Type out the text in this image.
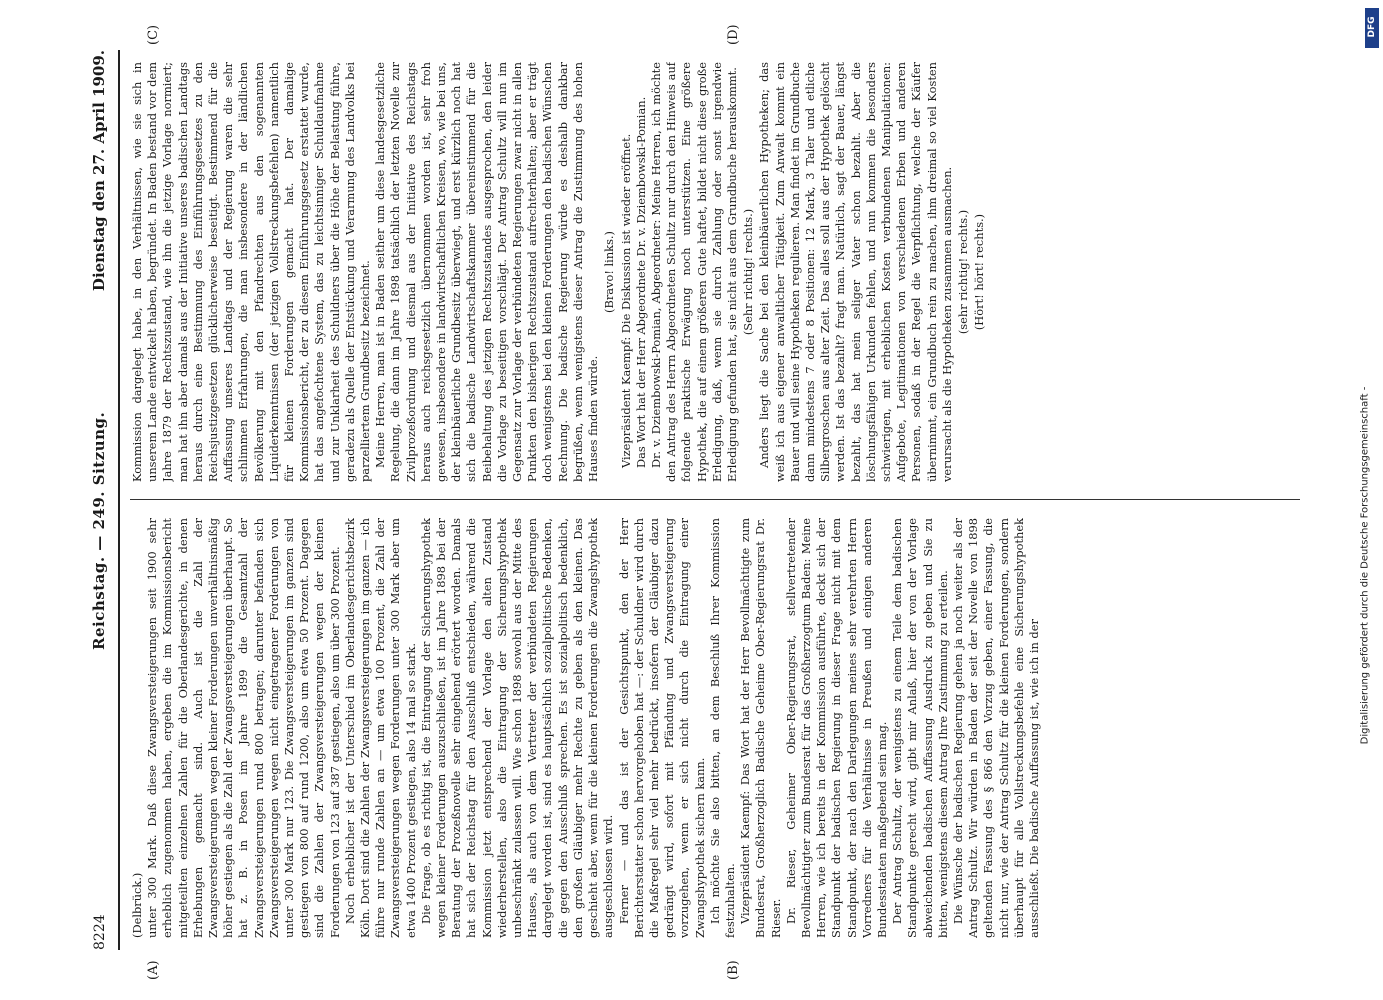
8224
Reichstag. — 249. Sitzung.
Dienstag den 27. April 1909.
(A)	(B)
(C)	(D)

(Delbrück.) unter 300 Mark. Daß diese Zwangsversteigerungen seit 1900 sehr erheblich zugenommen haben, ergeben die im Kommissionsbericht mitgeteilten einzelnen Zahlen für die Oberlandesgerichte, in denen Erhebungen gemacht sind. Auch ist die Zahl der Zwangsversteigerungen wegen kleiner Forderungen unverhältnismäßig höher gestiegen als die Zahl der Zwangsversteigerungen überhaupt. So hat z. B. in Posen im Jahre 1899 die Gesamtzahl der Zwangsversteigerungen rund 800 betragen; darunter befanden sich Zwangsversteigerungen wegen nicht eingetragener Forderungen von unter 300 Mark nur 123. Die Zwangsversteigerungen im ganzen sind gestiegen von 800 auf rund 1200, also um etwa 50 Prozent. Dagegen sind die Zahlen der Zwangsversteigerungen wegen der kleinen Forderungen von 123 auf 387 gestiegen, also um über 300 Prozent. Noch erheblicher ist der Unterschied im Oberlandesgerichtsbezirk Köln. Dort sind die Zahlen der Zwangsversteigerungen im ganzen — ich führe nur runde Zahlen an — um etwa 100 Prozent, die Zahl der Zwangsversteigerungen wegen Forderungen unter 300 Mark aber um etwa 1400 Prozent gestiegen, also 14 mal so stark. Die Frage, ob es richtig ist, die Eintragung der Sicherungshypothek wegen kleiner Forderungen auszuschließen, ist im Jahre 1898 bei der Beratung der Prozeßnovelle sehr eingehend erörtert worden. Damals hat sich der Reichstag für den Ausschluß entschieden, während die Kommission jetzt entsprechend der Vorlage den alten Zustand wiederherstellen, also die Eintragung der Sicherungshypothek unbeschränkt zulassen will. Wie schon 1898 sowohl aus der Mitte des Hauses, als auch von dem Vertreter der verbündeten Regierungen dargelegt worden ist, sind es hauptsächlich sozialpolitische Bedenken, die gegen den Ausschluß sprechen. Es ist sozialpolitisch bedenklich, den großen Gläubiger mehr Rechte zu geben als den kleinen. Das geschieht aber, wenn für die kleinen Forderungen die Zwangshypothek ausgeschlossen wird. Ferner — und das ist der Gesichtspunkt, den der Herr Berichterstatter schon hervorgehoben hat —: der Schuldner wird durch die Maßregel sehr viel mehr bedrückt, insofern der Gläubiger dazu gedrängt wird, sofort mit Pfändung und Zwangsversteigerung vorzugehen, wenn er sich nicht durch die Eintragung einer Zwangshypothek sichern kann. Ich möchte Sie also bitten, an dem Beschluß Ihrer Kommission festzuhalten. Vizepräsident Kaempf: Das Wort hat der Herr Bevollmächtigte zum Bundesrat, Großherzoglich Badische Geheime Ober-Regierungsrat Dr. Rieser. Dr. Rieser, Geheimer Ober-Regierungsrat, stellvertretender Bevollmächtigter zum Bundesrat für das Großherzogtum Baden: Meine Herren, wie ich bereits in der Kommission ausführte, deckt sich der Standpunkt der badischen Regierung in dieser Frage nicht mit dem Standpunkt, der nach den Darlegungen meines sehr verehrten Herrn Vorredners für die Verhältnisse in Preußen und einigen anderen Bundesstaaten maßgebend sein mag. Der Antrag Schultz, der wenigstens zu einem Teile dem badischen Standpunkte gerecht wird, gibt mir Anlaß, hier der von der Vorlage abweichenden badischen Auffassung Ausdruck zu geben und Sie zu bitten, wenigstens diesem Antrag Ihre Zustimmung zu erteilen. Die Wünsche der badischen Regierung gehen ja noch weiter als der Antrag Schultz. Wir würden in Baden der seit der Novelle von 1898 geltenden Fassung des § 866 den Vorzug geben, einer Fassung, die nicht nur, wie der Antrag Schultz für die kleinen Forderungen, sondern überhaupt für alle Vollstreckungsbefehle eine Sicherungshypothek ausschließt. Die badische Auffassung ist, wie ich in der

Kommission dargelegt habe, in den Verhältnissen, wie sie sich in unserem Lande entwickelt haben, begründet. In Baden bestand vor dem Jahre 1879 der Rechtszustand, wie ihn die jetzige Vorlage normiert; man hat ihn aber damals aus der Initiative unseres badischen Landtags heraus durch eine Bestimmung des Einführungsgesetzes zu den Reichsjustizgesetzen glücklicherweise beseitigt. Bestimmend für die Auffassung unseres Landtags und der Regierung waren die sehr schlimmen Erfahrungen, die man insbesondere in der ländlichen Bevölkerung mit den Pfandrechten aus den sogenannten Liquiderkenntnissen (der jetzigen Vollstreckungsbefehlen) namentlich für kleinen Forderungen gemacht hat. Der damalige Kommissionsbericht, der zu diesem Einführungsgesetz erstattet wurde, hat das angefochtene System, das zu leichtsinniger Schuldaufnahme und zur Unklarheit des Schuldners über die Höhe der Belastung führe, geradezu als Quelle der Entstückung und Verarmung des Landvolks bei parzelliertem Grundbesitz bezeichnet. Meine Herren, man ist in Baden seither um diese landesgesetzliche Regelung, die dann im Jahre 1898 tatsächlich der letzten Novelle zur Zivilprozeßordnung und diesmal aus der Initiative des Reichstags heraus auch reichsgesetzlich übernommen worden ist, sehr froh gewesen, insbesondere in landwirtschaftlichen Kreisen, wo, wie bei uns, der kleinbäuerliche Grundbesitz überwiegt, und erst kürzlich noch hat sich die badische Landwirtschaftskammer übereinstimmend für die Beibehaltung des jetzigen Rechtszustandes ausgesprochen, den leider die Vorlage zu beseitigen vorschlägt. Der Antrag Schultz will nun im Gegensatz zur Vorlage der verbündeten Regierungen zwar nicht in allen Punkten den bisherigen Rechtszustand aufrechterhalten; aber er trägt doch wenigstens bei den kleinen Forderungen den badischen Wünschen Rechnung. Die badische Regierung würde es deshalb dankbar begrüßen, wenn wenigstens dieser Antrag die Zustimmung des hohen Hauses finden würde.

(Bravo! links.) Vizepräsident Kaempf: Die Diskussion ist wieder eröffnet. Das Wort hat der Herr Abgeordnete Dr. v. Dziembowski-Pomian. Dr. v. Dziembowski-Pomian, Abgeordneter: Meine Herren, ich möchte den Antrag des Herrn Abgeordneten Schultz nur durch den Hinweis auf folgende praktische Erwägung noch unterstützen. Eine größere Hypothek, die auf einem größeren Gute haftet, bildet nicht diese große Erledigung, daß, wenn sie durch Zahlung oder sonst irgendwie Erledigung gefunden hat, sie nicht aus dem Grundbuche herauskommt. (Sehr richtig! rechts.) Anders liegt die Sache bei den kleinbäuerlichen Hypotheken; das weiß ich aus eigener anwaltlicher Tätigkeit. Zum Anwalt kommt ein Bauer und will seine Hypotheken regulieren. Man findet im Grundbuche dann mindestens 7 oder 8 Positionen: 12 Mark, 3 Taler und etliche Silbergroschen aus alter Zeit. Das alles soll aus der Hypothek gelöscht werden. Ist das bezahlt? fragt man. Natürlich, sagt der Bauer, längst bezahlt, das hat mein seliger Vater schon bezahlt. Aber die löschungsfähigen Urkunden fehlen, und nun kommen die besonders schwierigen, mit erheblichen Kosten verbundenen Manipulationen: Aufgebote, Legitimationen von verschiedenen Erben und anderen Personen, sodaß in der Regel die Verpflichtung, welche der Käufer übernimmt, ein Grundbuch rein zu machen, ihm dreimal so viel Kosten verursacht als die Hypotheken zusammen ausmachen. (sehr richtig! rechts.) (Hört! hört! rechts.)

DFG
Digitalisierung gefördert durch die Deutsche Forschungsgemeinschaft -
